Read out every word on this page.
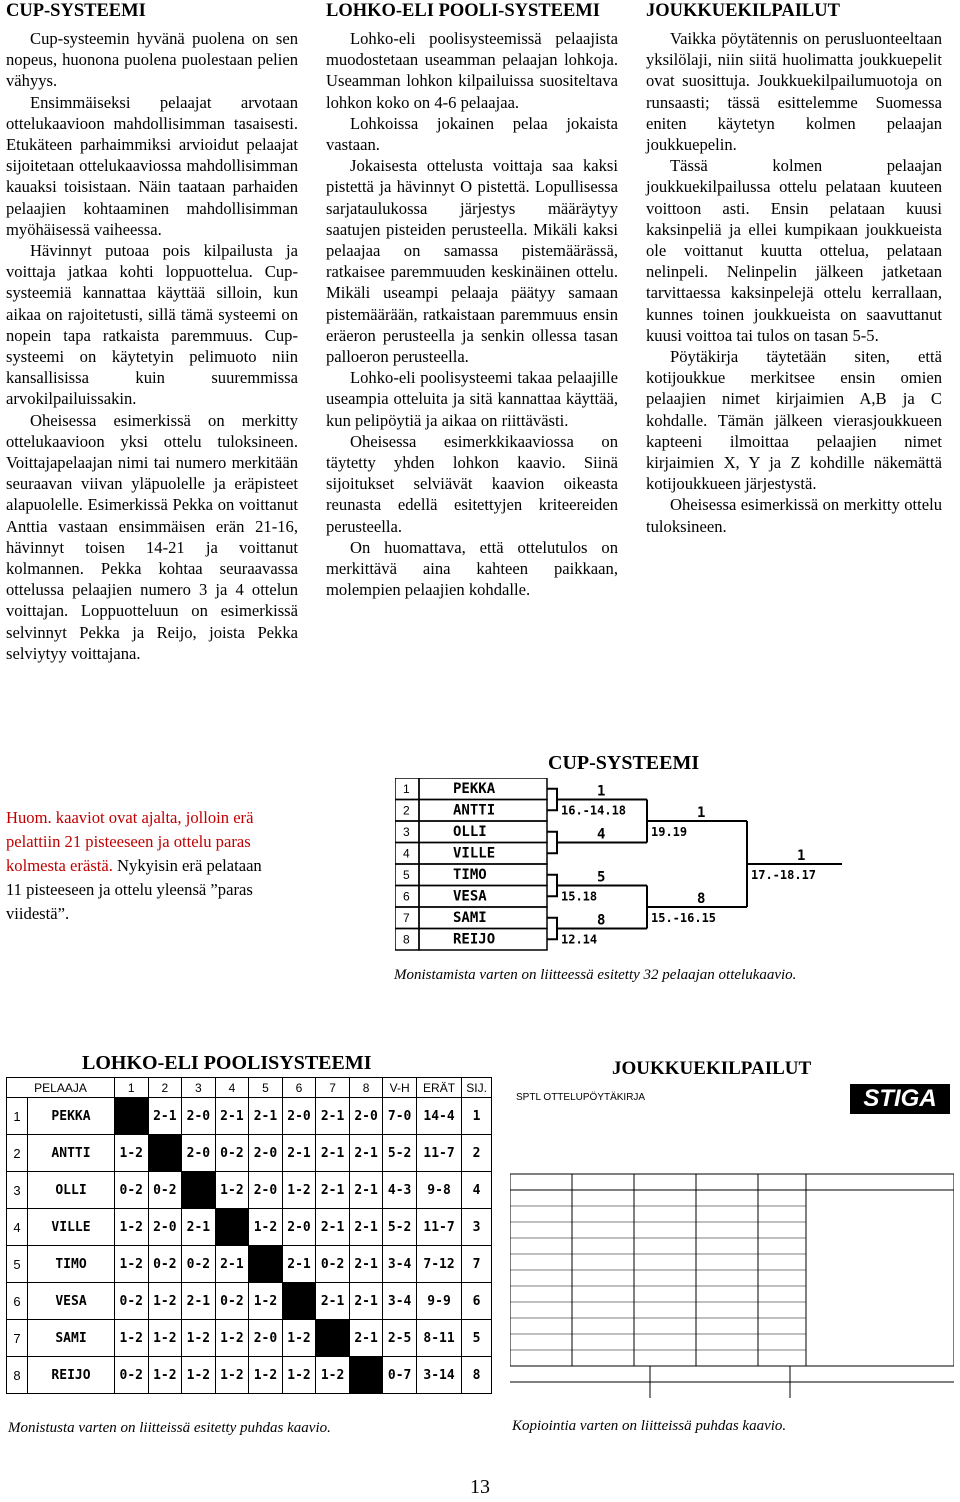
CUP-SYSTEEMI

Cup-systeemin hyvänä puolena on sen nopeus, huonona puolena puolestaan pelien vähyys.

Ensimmäiseksi pelaajat arvotaan ottelukaavioon mahdollisimman tasaisesti. Etukäteen parhaimmiksi arvioidut pelaajat sijoitetaan ottelukaaviossa mahdollisimman kauaksi toisistaan. Näin taataan parhaiden pelaajien kohtaaminen mahdollisimman myöhäisessä vaiheessa.

Hävinnyt putoaa pois kilpailusta ja voittaja jatkaa kohti loppuottelua. Cup-systeemiä kannattaa käyttää silloin, kun aikaa on rajoitetusti, sillä tämä systeemi on nopein tapa ratkaista paremmuus. Cup-systeemi on käytetyin pelimuoto niin kansallisissa kuin suuremmissa arvokilpailuissakin.

Oheisessa esimerkissä on merkitty ottelukaavioon yksi ottelu tuloksineen. Voittajapelaajan nimi tai numero merkitään seuraavan viivan yläpuolelle ja eräpisteet alapuolelle. Esimerkissä Pekka on voittanut Anttia vastaan ensimmäisen erän 21-16, hävinnyt toisen 14-21 ja voittanut kolmannen. Pekka kohtaa seuraavassa ottelussa pelaajien numero 3 ja 4 ottelun voittajan. Loppuotteluun on esimerkissä selvinnyt Pekka ja Reijo, joista Pekka selviytyy voittajana.

Huom. kaaviot ovat ajalta, jolloin erä pelattiin 21 pisteeseen ja ottelu paras kolmesta erästä. Nykyisin erä pelataan 11 pisteeseen ja ottelu yleensä ”paras viidestä”.
LOHKO-ELI POOLI-SYSTEEMI

Lohko-eli poolisysteemissä pelaajista muodostetaan useamman pelaajan lohkoja. Useamman lohkon kilpailuissa suositeltava lohkon koko on 4-6 pelaajaa.

Lohkoissa jokainen pelaa jokaista vastaan.

Jokaisesta ottelusta voittaja saa kaksi pistettä ja hävinnyt O pistettä. Lopullisessa sarjataulukossa järjestys määräytyy saatujen pisteiden perusteella. Mikäli kaksi pelaajaa on samassa pistemäärässä, ratkaisee paremmuuden keskinäinen ottelu. Mikäli useampi pelaaja päätyy samaan pistemäärään, ratkaistaan paremmuus ensin eräeron perusteella ja senkin ollessa tasan palloeron perusteella.

Lohko-eli poolisysteemi takaa pelaajille useampia otteluita ja sitä kannattaa käyttää, kun pelipöytiä ja aikaa on riittävästi.

Oheisessa esimerkkikaaviossa on täytetty yhden lohkon kaavio. Siinä sijoitukset selviävät kaavion oikeasta reunasta edellä esitettyjen kriteereiden perusteella.

On huomattava, että ottelutulos on merkittävä aina kahteen paikkaan, molempien pelaajien kohdalle.

JOUKKUEKILPAILUT

Vaikka pöytätennis on perusluonteeltaan yksilölaji, niin siitä huolimatta joukkuepelit ovat suosittuja. Joukkuekilpailumuotoja on runsaasti; tässä esittelemme Suomessa eniten käytetyn kolmen pelaajan joukkuepelin.

Tässä kolmen pelaajan joukkuekilpailussa ottelu pelataan kuuteen voittoon asti. Ensin pelataan kuusi kaksinpeliä ja ellei kumpikaan joukkueista ole voittanut kuutta ottelua, pelataan nelinpeli. Nelinpelin jälkeen jatketaan tarvittaessa kaksinpelejä ottelu kerrallaan, kunnes toinen joukkueista on saavuttanut kuusi voittoa tai tulos on tasan 5-5.

Pöytäkirja täytetään siten, että kotijoukkue merkitsee ensin omien pelaajien nimet kirjaimien A,B ja C kohdalle. Tämän jälkeen vierasjoukkueen kapteeni ilmoittaa pelaajien nimet kirjaimien X, Y ja Z kohdille näkemättä kotijoukkueen järjestystä.

Oheisessa esimerkissä on merkitty ottelu tuloksineen.

CUP-SYSTEEMI
1	PEKKA
2	ANTTI
3	OLLI
4	VILLE
5	TIMO
6	VESA
7	SAMI
8	REIJO
1
16.-14.18
4
5
15.18
8
12.14
1
19.19
8
15.-16.15
1
17.-18.17
Monistamista varten on liitteessä esitetty 32 pelaajan ottelukaavio.
LOHKO-ELI POOLISYSTEEMI
PELAAJA		1	2	3	4	5	6	7	8	V-H	ERÄT	SIJ.
1	PEKKA		2-1	2-0	2-1	2-1	2-0	2-1	2-0	7-0	14-4	1
2	ANTTI	1-2		2-0	0-2	2-0	2-1	2-1	2-1	5-2	11-7	2
3	OLLI	0-2	0-2		1-2	2-0	1-2	2-1	2-1	4-3	9-8	4
4	VILLE	1-2	2-0	2-1		1-2	2-0	2-1	2-1	5-2	11-7	3
5	TIMO	1-2	0-2	0-2	2-1		2-1	0-2	2-1	3-4	7-12	7
6	VESA	0-2	1-2	2-1	0-2	1-2		2-1	2-1	3-4	9-9	6
7	SAMI	1-2	1-2	1-2	1-2	2-0	1-2		2-1	2-5	8-11	5
8	REIJO	0-2	1-2	1-2	1-2	1-2	1-2	1-2		0-7	3-14	8
Monistusta varten on liitteissä esitetty puhdas kaavio.
JOUKKUEKILPAILUT
SPTL OTTELUPÖYTÄKIRJA	STIGA
Kopiointia varten on liitteissä puhdas kaavio.
13
